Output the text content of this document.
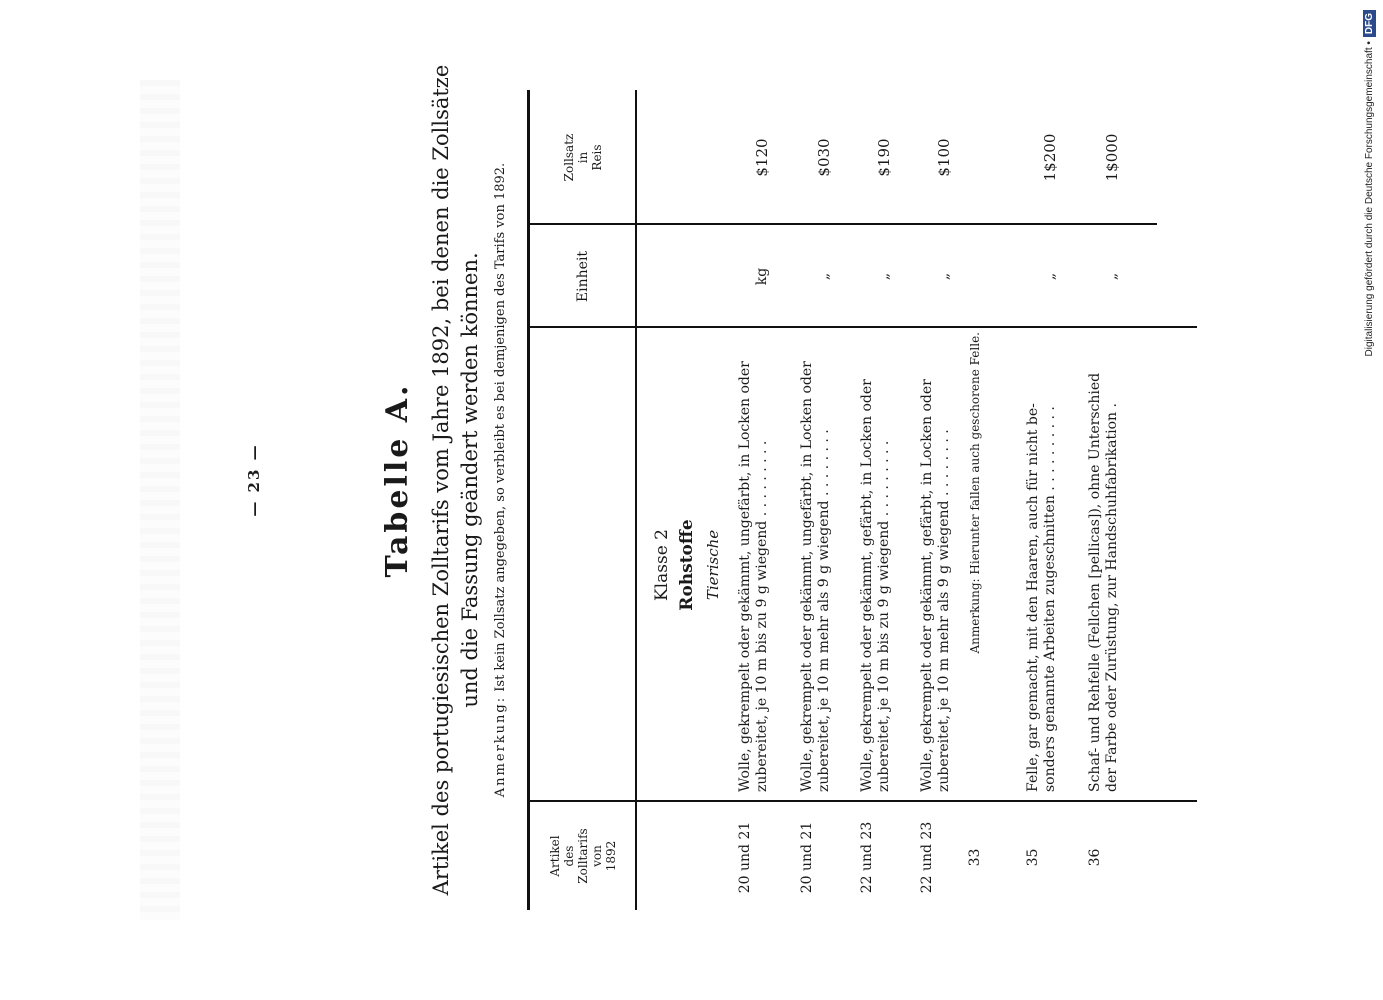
— 23 —	Tabelle A. Artikel des portugiesischen Zolltarifs vom Jahre 1892, bei denen die Zollsätze und die Fassung geändert werden können.
Anmerkung: Ist kein Zollsatz angegeben, so verbleibt es bei demjenigen des Tarifs von 1892.
Artikel des Zolltarifs von 1892
Einheit
Zollsatz in Reis
Klasse 2 Rohstoffe Tierische
20 und 21
Wolle, gekrempelt oder gekämmt, ungefärbt, in Locken oder zubereitet, je 10 m bis zu 9 g wiegend . . . . . . . . .
kg
$120
20 und 21
Wolle, gekrempelt oder gekämmt, ungefärbt, in Locken oder zubereitet, je 10 m mehr als 9 g wiegend . . . . . . . .
„
$030
22 und 23
Wolle, gekrempelt oder gekämmt, gefärbt, in Locken oder zubereitet, je 10 m bis zu 9 g wiegend . . . . . . . . .
„
$190
22 und 23
Wolle, gekrempelt oder gekämmt, gefärbt, in Locken oder zubereitet, je 10 m mehr als 9 g wiegend . . . . . . . .
„
$100
33
Anmerkung: Hierunter fallen auch geschorene Felle.
35
Felle, gar gemacht, mit den Haaren, auch für nicht be- sonders genannte Arbeiten zugeschnitten . . . . . . . . . .
„
1$200
36
Schaf- und Rehfelle (Fellchen [pellicas]), ohne Unterschied der Farbe oder Zurüstung, zur Handschuhfabrikation .
„
1$000	Digitalisierung gefördert durch die Deutsche Forschungsgemeinschaft •
DFG
